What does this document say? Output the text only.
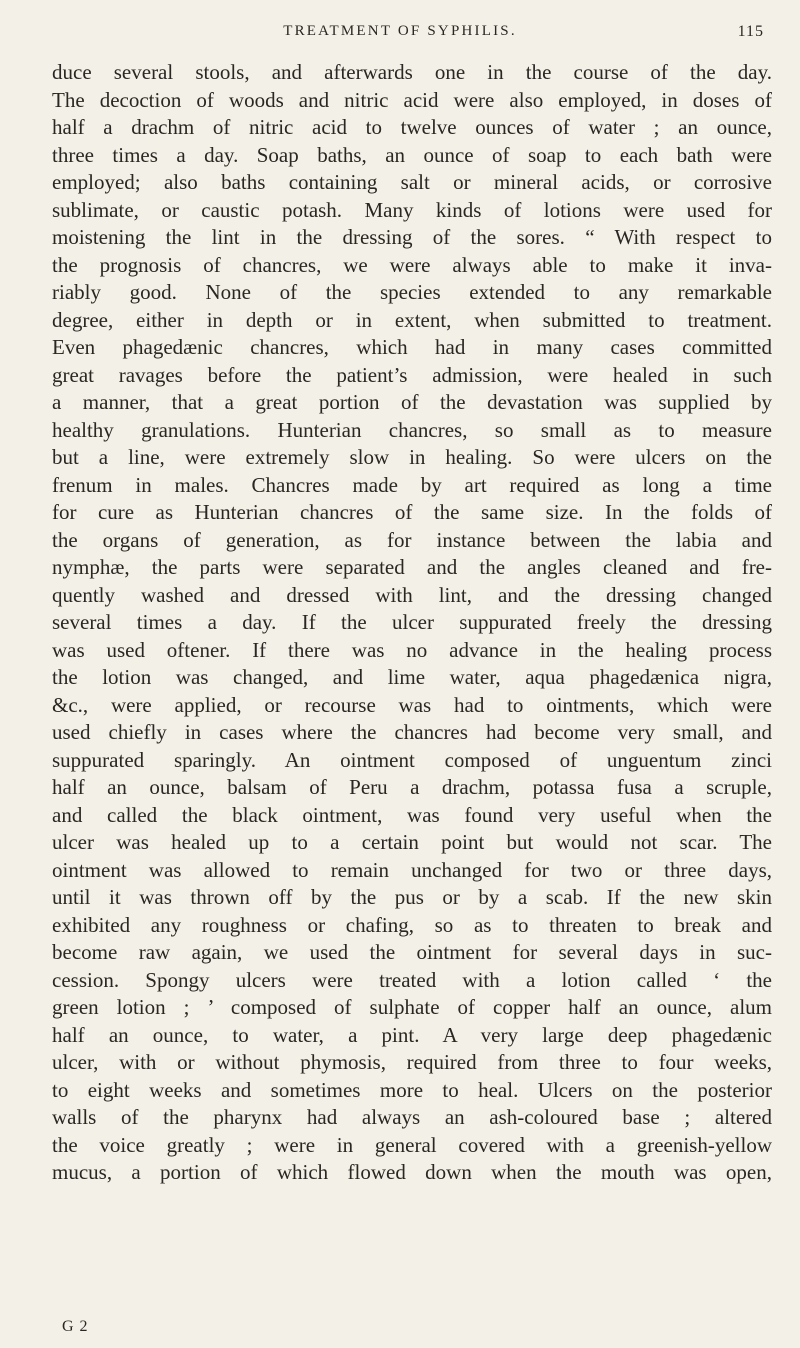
TREATMENT OF SYPHILIS.	115
duce several stools, and afterwards one in the course of the day.
The decoction of woods and nitric acid were also employed, in doses of
half a drachm of nitric acid to twelve ounces of water ; an ounce,
three times a day. Soap baths, an ounce of soap to each bath were
employed; also baths containing salt or mineral acids, or corrosive
sublimate, or caustic potash. Many kinds of lotions were used for
moistening the lint in the dressing of the sores. “ With respect to
the prognosis of chancres, we were always able to make it inva-
riably good. None of the species extended to any remarkable
degree, either in depth or in extent, when submitted to treatment.
Even phagedænic chancres, which had in many cases committed
great ravages before the patient’s admission, were healed in such
a manner, that a great portion of the devastation was supplied by
healthy granulations. Hunterian chancres, so small as to measure
but a line, were extremely slow in healing. So were ulcers on the
frenum in males. Chancres made by art required as long a time
for cure as Hunterian chancres of the same size. In the folds of
the organs of generation, as for instance between the labia and
nymphæ, the parts were separated and the angles cleaned and fre-
quently washed and dressed with lint, and the dressing changed
several times a day. If the ulcer suppurated freely the dressing
was used oftener. If there was no advance in the healing process
the lotion was changed, and lime water, aqua phagedænica nigra,
&c., were applied, or recourse was had to ointments, which were
used chiefly in cases where the chancres had become very small, and
suppurated sparingly. An ointment composed of unguentum zinci
half an ounce, balsam of Peru a drachm, potassa fusa a scruple,
and called the black ointment, was found very useful when the
ulcer was healed up to a certain point but would not scar. The
ointment was allowed to remain unchanged for two or three days,
until it was thrown off by the pus or by a scab. If the new skin
exhibited any roughness or chafing, so as to threaten to break and
become raw again, we used the ointment for several days in suc-
cession. Spongy ulcers were treated with a lotion called ‘ the
green lotion ; ’ composed of sulphate of copper half an ounce, alum
half an ounce, to water, a pint. A very large deep phagedænic
ulcer, with or without phymosis, required from three to four weeks,
to eight weeks and sometimes more to heal. Ulcers on the posterior
walls of the pharynx had always an ash-coloured base ; altered
the voice greatly ; were in general covered with a greenish-yellow
mucus, a portion of which flowed down when the mouth was open,
G 2
